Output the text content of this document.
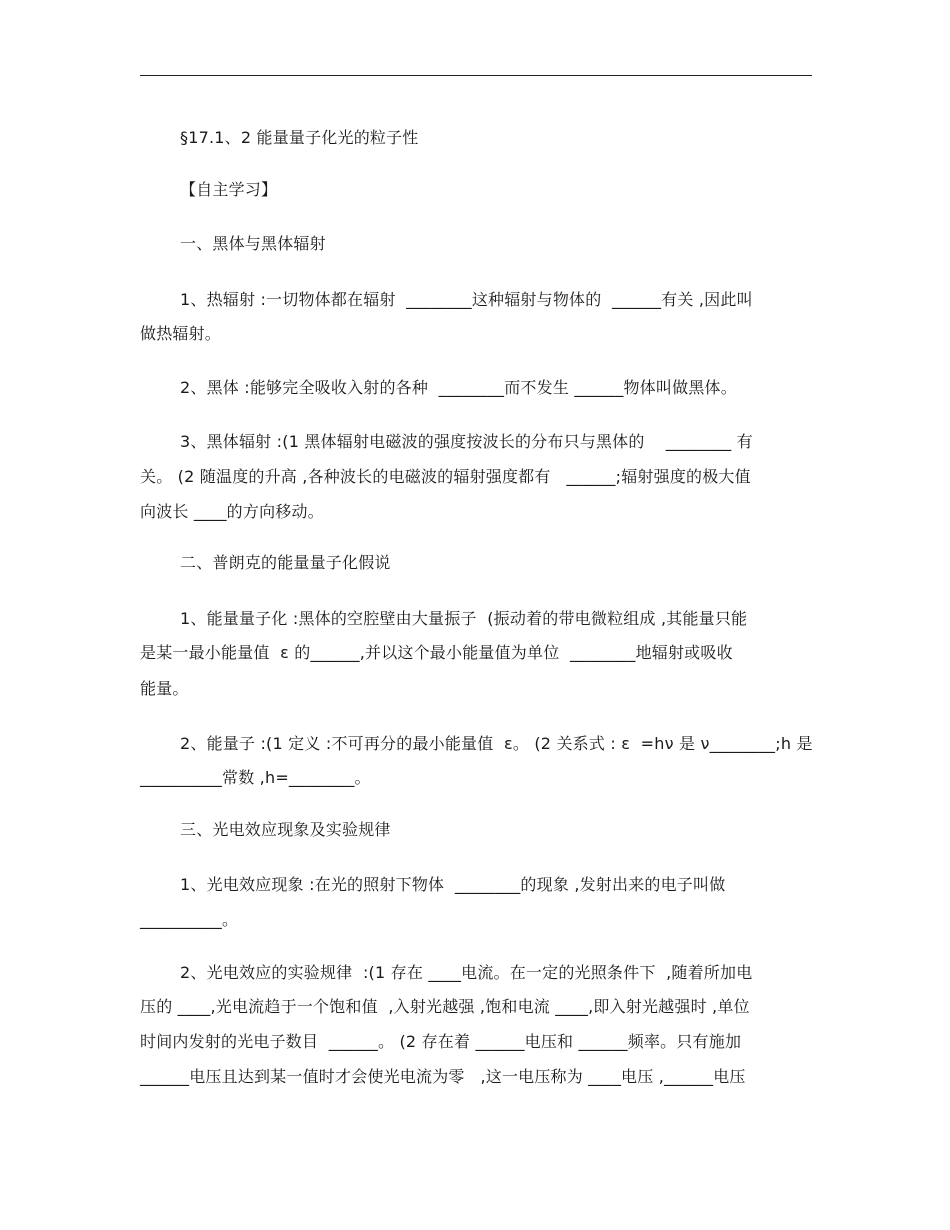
§17.1、2 能量量子化光的粒子性
【自主学习】
一、黑体与黑体辐射
1、热辐射 :一切物体都在辐射  ________这种辐射与物体的  ______有关 ,因此叫
做热辐射。
2、黑体 :能够完全吸收入射的各种  ________而不发生 ______物体叫做黑体。
3、黑体辐射 :(1 黑体辐射电磁波的强度按波长的分布只与黑体的    ________ 有
关。 (2 随温度的升高 ,各种波长的电磁波的辐射强度都有   ______;辐射强度的极大值
向波长 ____的方向移动。
二、普朗克的能量量子化假说
1、能量量子化 :黑体的空腔壁由大量振子  (振动着的带电微粒组成 ,其能量只能
是某一最小能量值  ε 的______,并以这个最小能量值为单位  ________地辐射或吸收
能量。
2、能量子 :(1 定义 :不可再分的最小能量值  ε。 (2 关系式 : ε  =hν 是 ν________;h 是
__________常数 ,h=________。
三、光电效应现象及实验规律
1、光电效应现象 :在光的照射下物体  ________的现象 ,发射出来的电子叫做
__________。
2、光电效应的实验规律  :(1 存在 ____电流。在一定的光照条件下  ,随着所加电
压的 ____,光电流趋于一个饱和值  ,入射光越强 ,饱和电流 ____,即入射光越强时 ,单位
时间内发射的光电子数目  ______。 (2 存在着 ______电压和 ______频率。只有施加
______电压且达到某一值时才会使光电流为零   ,这一电压称为 ____电压 ,______电压
